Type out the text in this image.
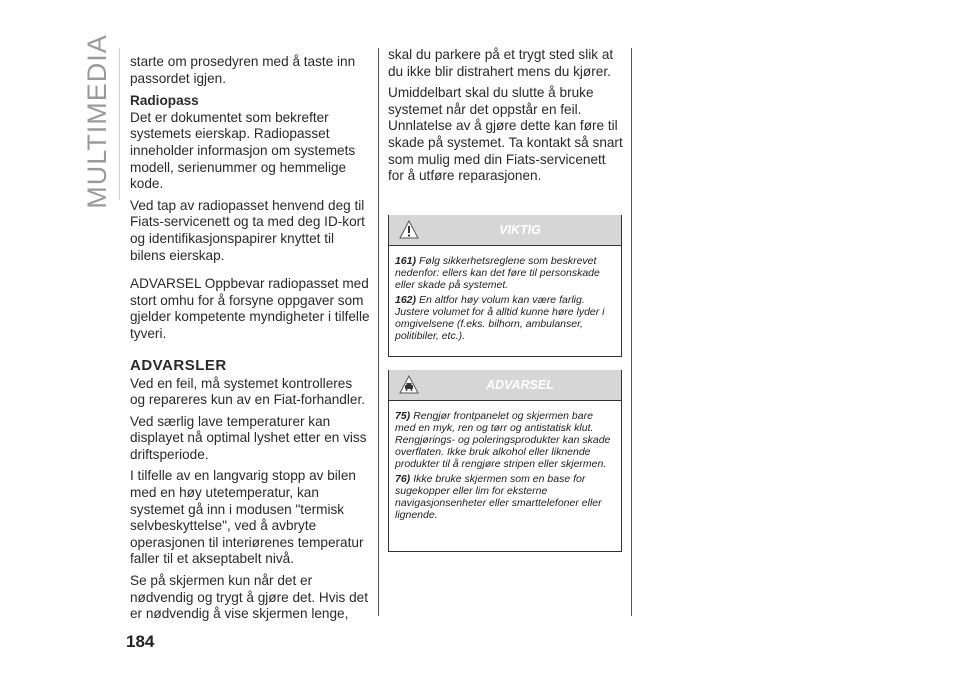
MULTIMEDIA starte om prosedyren med å taste inn passordet igjen.

Radiopass

Det er dokumentet som bekrefter systemets eierskap. Radiopasset inneholder informasjon om systemets modell, serienummer og hemmelige kode.

Ved tap av radiopasset henvend deg til Fiats-servicenett og ta med deg ID-kort og identifikasjonspapirer knyttet til bilens eierskap.

ADVARSEL Oppbevar radiopasset med stort omhu for å forsyne oppgaver som gjelder kompetente myndigheter i tilfelle tyveri.

ADVARSLER

Ved en feil, må systemet kontrolleres og repareres kun av en Fiat-forhandler.

Ved særlig lave temperaturer kan displayet nå optimal lyshet etter en viss driftsperiode.

I tilfelle av en langvarig stopp av bilen med en høy utetemperatur, kan systemet gå inn i modusen "termisk selvbeskyttelse", ved å avbryte operasjonen til interiørenes temperatur faller til et akseptabelt nivå.

Se på skjermen kun når det er nødvendig og trygt å gjøre det. Hvis det er nødvendig å vise skjermen lenge,

skal du parkere på et trygt sted slik at du ikke blir distrahert mens du kjører.

Umiddelbart skal du slutte å bruke systemet når det oppstår en feil. Unnlatelse av å gjøre dette kan føre til skade på systemet. Ta kontakt så snart som mulig med din Fiats-servicenett for å utføre reparasjonen.

VIKTIG

161) Følg sikkerhetsreglene som beskrevet nedenfor: ellers kan det føre til personskade eller skade på systemet.

162) En altfor høy volum kan være farlig. Justere volumet for å alltid kunne høre lyder i omgivelsene (f.eks. bilhorn, ambulanser, politibiler, etc.).

ADVARSEL

75) Rengjør frontpanelet og skjermen bare med en myk, ren og tørr og antistatisk klut. Rengjørings- og poleringsprodukter kan skade overflaten. Ikke bruk alkohol eller liknende produkter til å rengjøre stripen eller skjermen.

76) Ikke bruke skjermen som en base for sugekopper eller lim for eksterne navigasjonsenheter eller smarttelefoner eller lignende.

184
